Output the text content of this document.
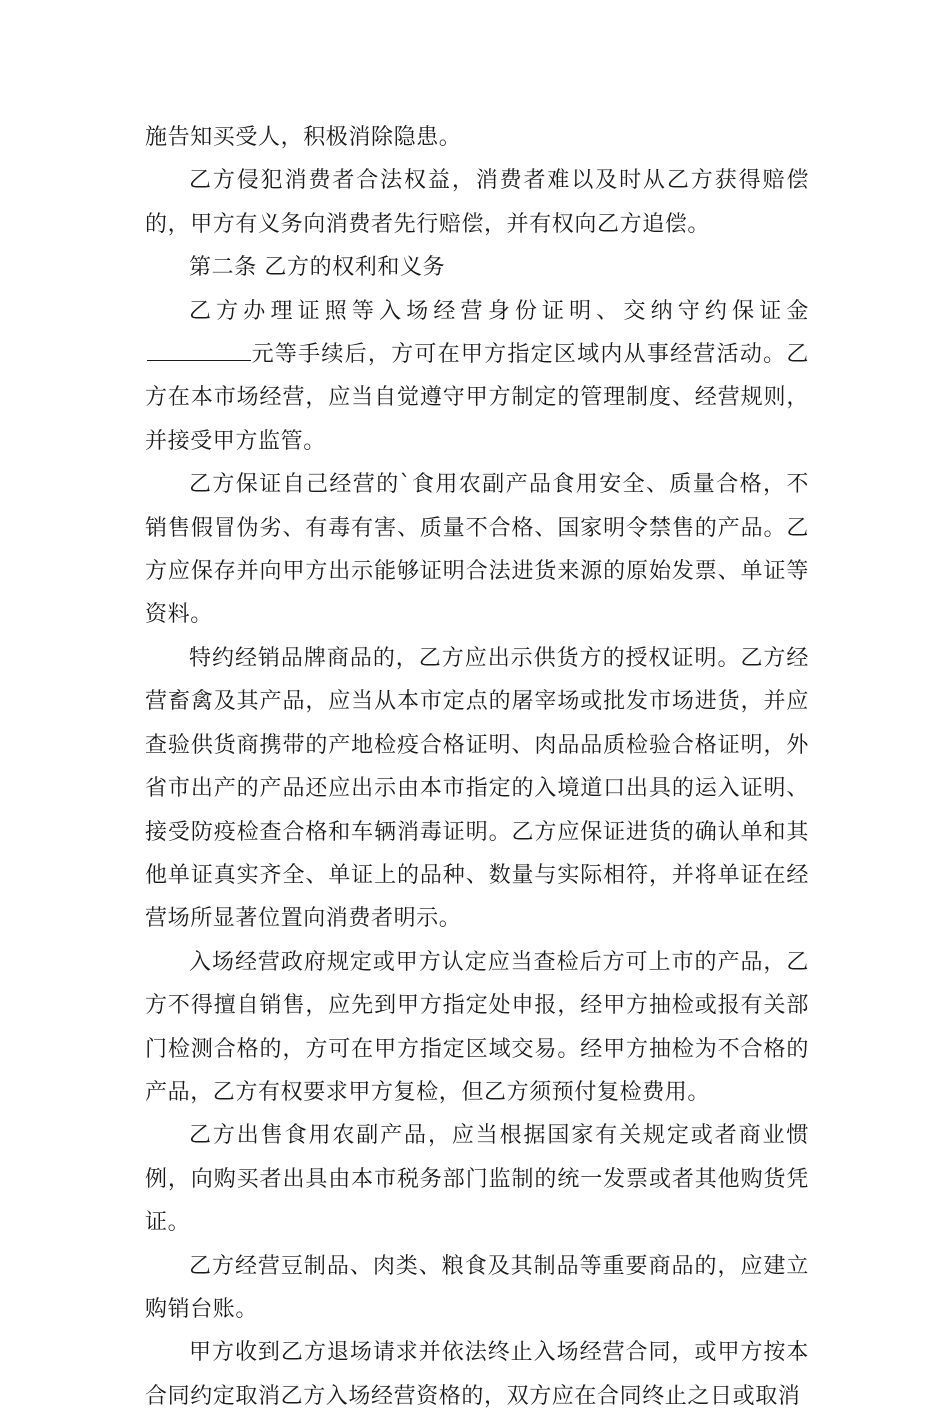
施告知买受人，积极消除隐患。

乙方侵犯消费者合法权益，消费者难以及时从乙方获得赔偿的，甲方有义务向消费者先行赔偿，并有权向乙方追偿。

第二条 乙方的权利和义务

乙方办理证照等入场经营身份证明、交纳守约保证金元等手续后，方可在甲方指定区域内从事经营活动。乙方在本市场经营，应当自觉遵守甲方制定的管理制度、经营规则，并接受甲方监管。

乙方保证自己经营的`食用农副产品食用安全、质量合格，不销售假冒伪劣、有毒有害、质量不合格、国家明令禁售的产品。乙方应保存并向甲方出示能够证明合法进货来源的原始发票、单证等资料。

特约经销品牌商品的，乙方应出示供货方的授权证明。乙方经营畜禽及其产品，应当从本市定点的屠宰场或批发市场进货，并应查验供货商携带的产地检疫合格证明、肉品品质检验合格证明，外省市出产的产品还应出示由本市指定的入境道口出具的运入证明、接受防疫检查合格和车辆消毒证明。乙方应保证进货的确认单和其他单证真实齐全、单证上的品种、数量与实际相符，并将单证在经营场所显著位置向消费者明示。

入场经营政府规定或甲方认定应当查检后方可上市的产品，乙方不得擅自销售，应先到甲方指定处申报，经甲方抽检或报有关部门检测合格的，方可在甲方指定区域交易。经甲方抽检为不合格的产品，乙方有权要求甲方复检，但乙方须预付复检费用。

乙方出售食用农副产品，应当根据国家有关规定或者商业惯例，向购买者出具由本市税务部门监制的统一发票或者其他购货凭证。

乙方经营豆制品、肉类、粮食及其制品等重要商品的，应建立购销台账。

甲方收到乙方退场请求并依法终止入场经营合同，或甲方按本合同约定取消乙方入场经营资格的，双方应在合同终止之日或取消
